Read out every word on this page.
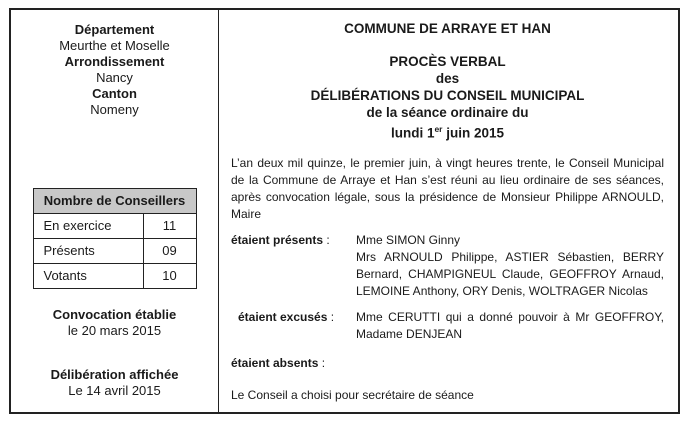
Département
Meurthe et Moselle
Arrondissement
Nancy
Canton
Nomeny
Nombre de Conseillers	
En exercice	11
Présents	09
Votants	10
Convocation établie
le 20 mars 2015
Délibération affichée
Le 14 avril 2015
COMMUNE DE ARRAYE ET HAN
PROCÈS VERBAL
des
DÉLIBÉRATIONS DU CONSEIL MUNICIPAL
de la séance ordinaire du
lundi 1er juin 2015

L’an deux mil quinze, le premier juin, à vingt heures trente, le Conseil Municipal de la Commune de Arraye et Han s’est réuni au lieu ordinaire de ses séances, après convocation légale, sous la présidence de Monsieur Philippe ARNOULD, Maire

étaient présents :	Mme SIMON Ginny
Mrs ARNOULD Philippe, ASTIER Sébastien, BERRY Bernard, CHAMPIGNEUL Claude, GEOFFROY Arnaud, LEMOINE Anthony, ORY Denis, WOLTRAGER Nicolas
étaient excusés :	Mme CERUTTI qui a donné pouvoir à Mr GEOFFROY, Madame DENJEAN
étaient absents :
Le Conseil a choisi pour secrétaire de séance
